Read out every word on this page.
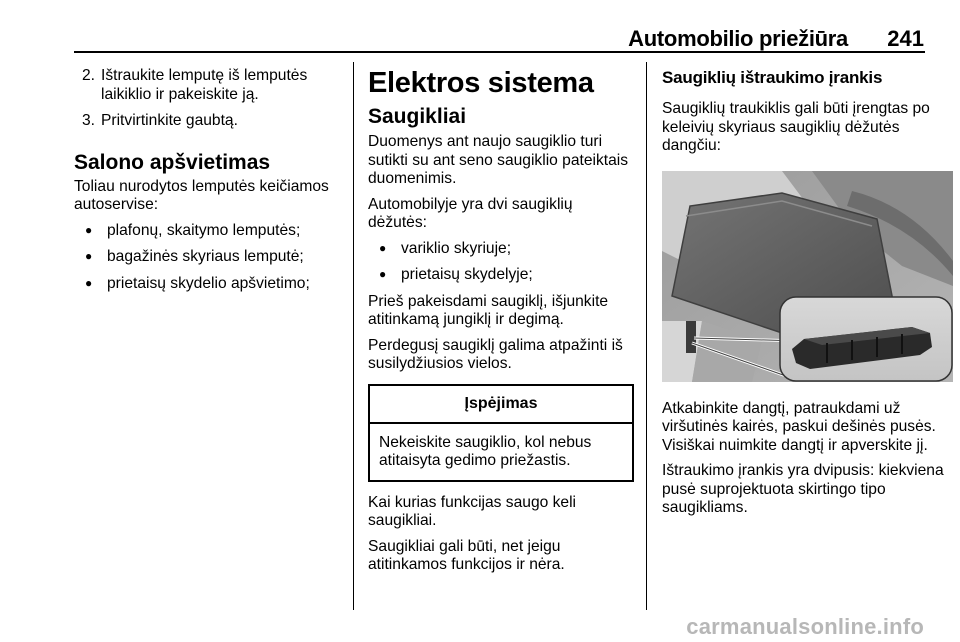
Automobilio priežiūra 241
2. Ištraukite lemputę iš lemputės laikiklio ir pakeiskite ją.
3. Pritvirtinkite gaubtą.
Salono apšvietimas

Toliau nurodytos lemputės keičiamos autoservise:

● plafonų, skaitymo lemputės;
● bagažinės skyriaus lemputė;
● prietaisų skydelio apšvietimo;
Elektros sistema
Saugikliai

Duomenys ant naujo saugiklio turi sutikti su ant seno saugiklio pateiktais duomenimis.

Automobilyje yra dvi saugiklių dėžutės:

● variklio skyriuje;
● prietaisų skydelyje;

Prieš pakeisdami saugiklį, išjunkite atitinkamą jungiklį ir degimą.

Perdegusį saugiklį galima atpažinti iš susilydžiusios vielos.

Įspėjimas
Nekeiskite saugiklio, kol nebus atitaisyta gedimo priežastis.

Kai kurias funkcijas saugo keli saugikliai.

Saugikliai gali būti, net jeigu atitinkamos funkcijos ir nėra.

Saugiklių ištraukimo įrankis

Saugiklių traukiklis gali būti įrengtas po keleivių skyriaus saugiklių dėžutės dangčiu:

Atkabinkite dangtį, patraukdami už viršutinės kairės, paskui dešinės pusės. Visiškai nuimkite dangtį ir apverskite jį.

Ištraukimo įrankis yra dvipusis: kiekviena pusė suprojektuota skirtingo tipo saugikliams.

carmanualsonline.info
